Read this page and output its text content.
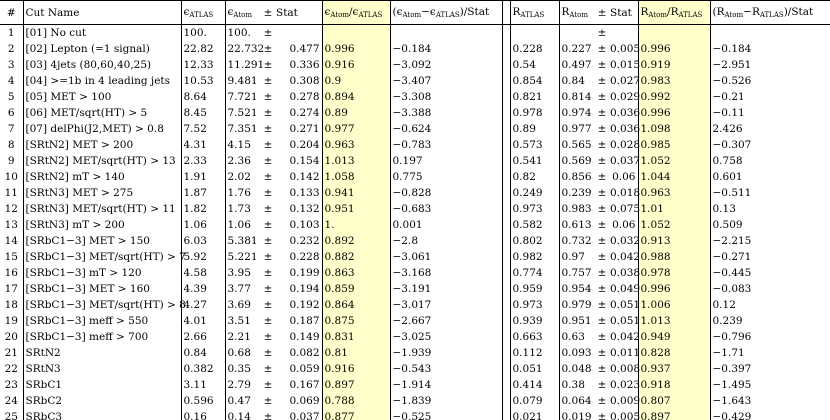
#	Cut Name	ϵATLAS	ϵAtom	±	Stat	ϵAtom/ϵATLAS	(ϵAtom−ϵATLAS)/Stat		RATLAS	RAtom	±	Stat	RAtom/RATLAS	(RAtom−RATLAS)/Stat
1	[01] No cut	100.	100.	±							±			
2	[02] Lepton (=1 signal)	22.82	22.732	±	0.477	0.996	−0.184		0.228	0.227	±	0.005	0.996	−0.184
3	[03] 4jets (80,60,40,25)	12.33	11.291	±	0.336	0.916	−3.092		0.54	0.497	±	0.015	0.919	−2.951
4	[04] >=1b in 4 leading jets	10.53	9.481	±	0.308	0.9	−3.407		0.854	0.84	±	0.027	0.983	−0.526
5	[05] MET > 100	8.64	7.721	±	0.278	0.894	−3.308		0.821	0.814	±	0.029	0.992	−0.21
6	[06] MET/sqrt(HT) > 5	8.45	7.521	±	0.274	0.89	−3.388		0.978	0.974	±	0.036	0.996	−0.11
7	[07] delPhi(J2,MET) > 0.8	7.52	7.351	±	0.271	0.977	−0.624		0.89	0.977	±	0.036	1.098	2.426
8	[SRtN2] MET > 200	4.31	4.15	±	0.204	0.963	−0.783		0.573	0.565	±	0.028	0.985	−0.307
9	[SRtN2] MET/sqrt(HT) > 13	2.33	2.36	±	0.154	1.013	0.197		0.541	0.569	±	0.037	1.052	0.758
10	[SRtN2] mT > 140	1.91	2.02	±	0.142	1.058	0.775		0.82	0.856	±	0.06	1.044	0.601
11	[SRtN3] MET > 275	1.87	1.76	±	0.133	0.941	−0.828		0.249	0.239	±	0.018	0.963	−0.511
12	[SRtN3] MET/sqrt(HT) > 11	1.82	1.73	±	0.132	0.951	−0.683		0.973	0.983	±	0.075	1.01	0.13
13	[SRtN3] mT > 200	1.06	1.06	±	0.103	1.	0.001		0.582	0.613	±	0.06	1.052	0.509
14	[SRbC1−3] MET > 150	6.03	5.381	±	0.232	0.892	−2.8		0.802	0.732	±	0.032	0.913	−2.215
15	[SRbC1−3] MET/sqrt(HT) > 7	5.92	5.221	±	0.228	0.882	−3.061		0.982	0.97	±	0.042	0.988	−0.271
16	[SRbC1−3] mT > 120	4.58	3.95	±	0.199	0.863	−3.168		0.774	0.757	±	0.038	0.978	−0.445
17	[SRbC1−3] MET > 160	4.39	3.77	±	0.194	0.859	−3.191		0.959	0.954	±	0.049	0.996	−0.083
18	[SRbC1−3] MET/sqrt(HT) > 8	4.27	3.69	±	0.192	0.864	−3.017		0.973	0.979	±	0.051	1.006	0.12
19	[SRbC1−3] meff > 550	4.01	3.51	±	0.187	0.875	−2.667		0.939	0.951	±	0.051	1.013	0.239
20	[SRbC1−3] meff > 700	2.66	2.21	±	0.149	0.831	−3.025		0.663	0.63	±	0.042	0.949	−0.796
21	SRtN2	0.84	0.68	±	0.082	0.81	−1.939		0.112	0.093	±	0.011	0.828	−1.71
22	SRtN3	0.382	0.35	±	0.059	0.916	−0.543		0.051	0.048	±	0.008	0.937	−0.397
23	SRbC1	3.11	2.79	±	0.167	0.897	−1.914		0.414	0.38	±	0.023	0.918	−1.495
24	SRbC2	0.596	0.47	±	0.069	0.788	−1.839		0.079	0.064	±	0.009	0.807	−1.643
25	SRbC3	0.16	0.14	±	0.037	0.877	−0.525		0.021	0.019	±	0.005	0.897	−0.429
